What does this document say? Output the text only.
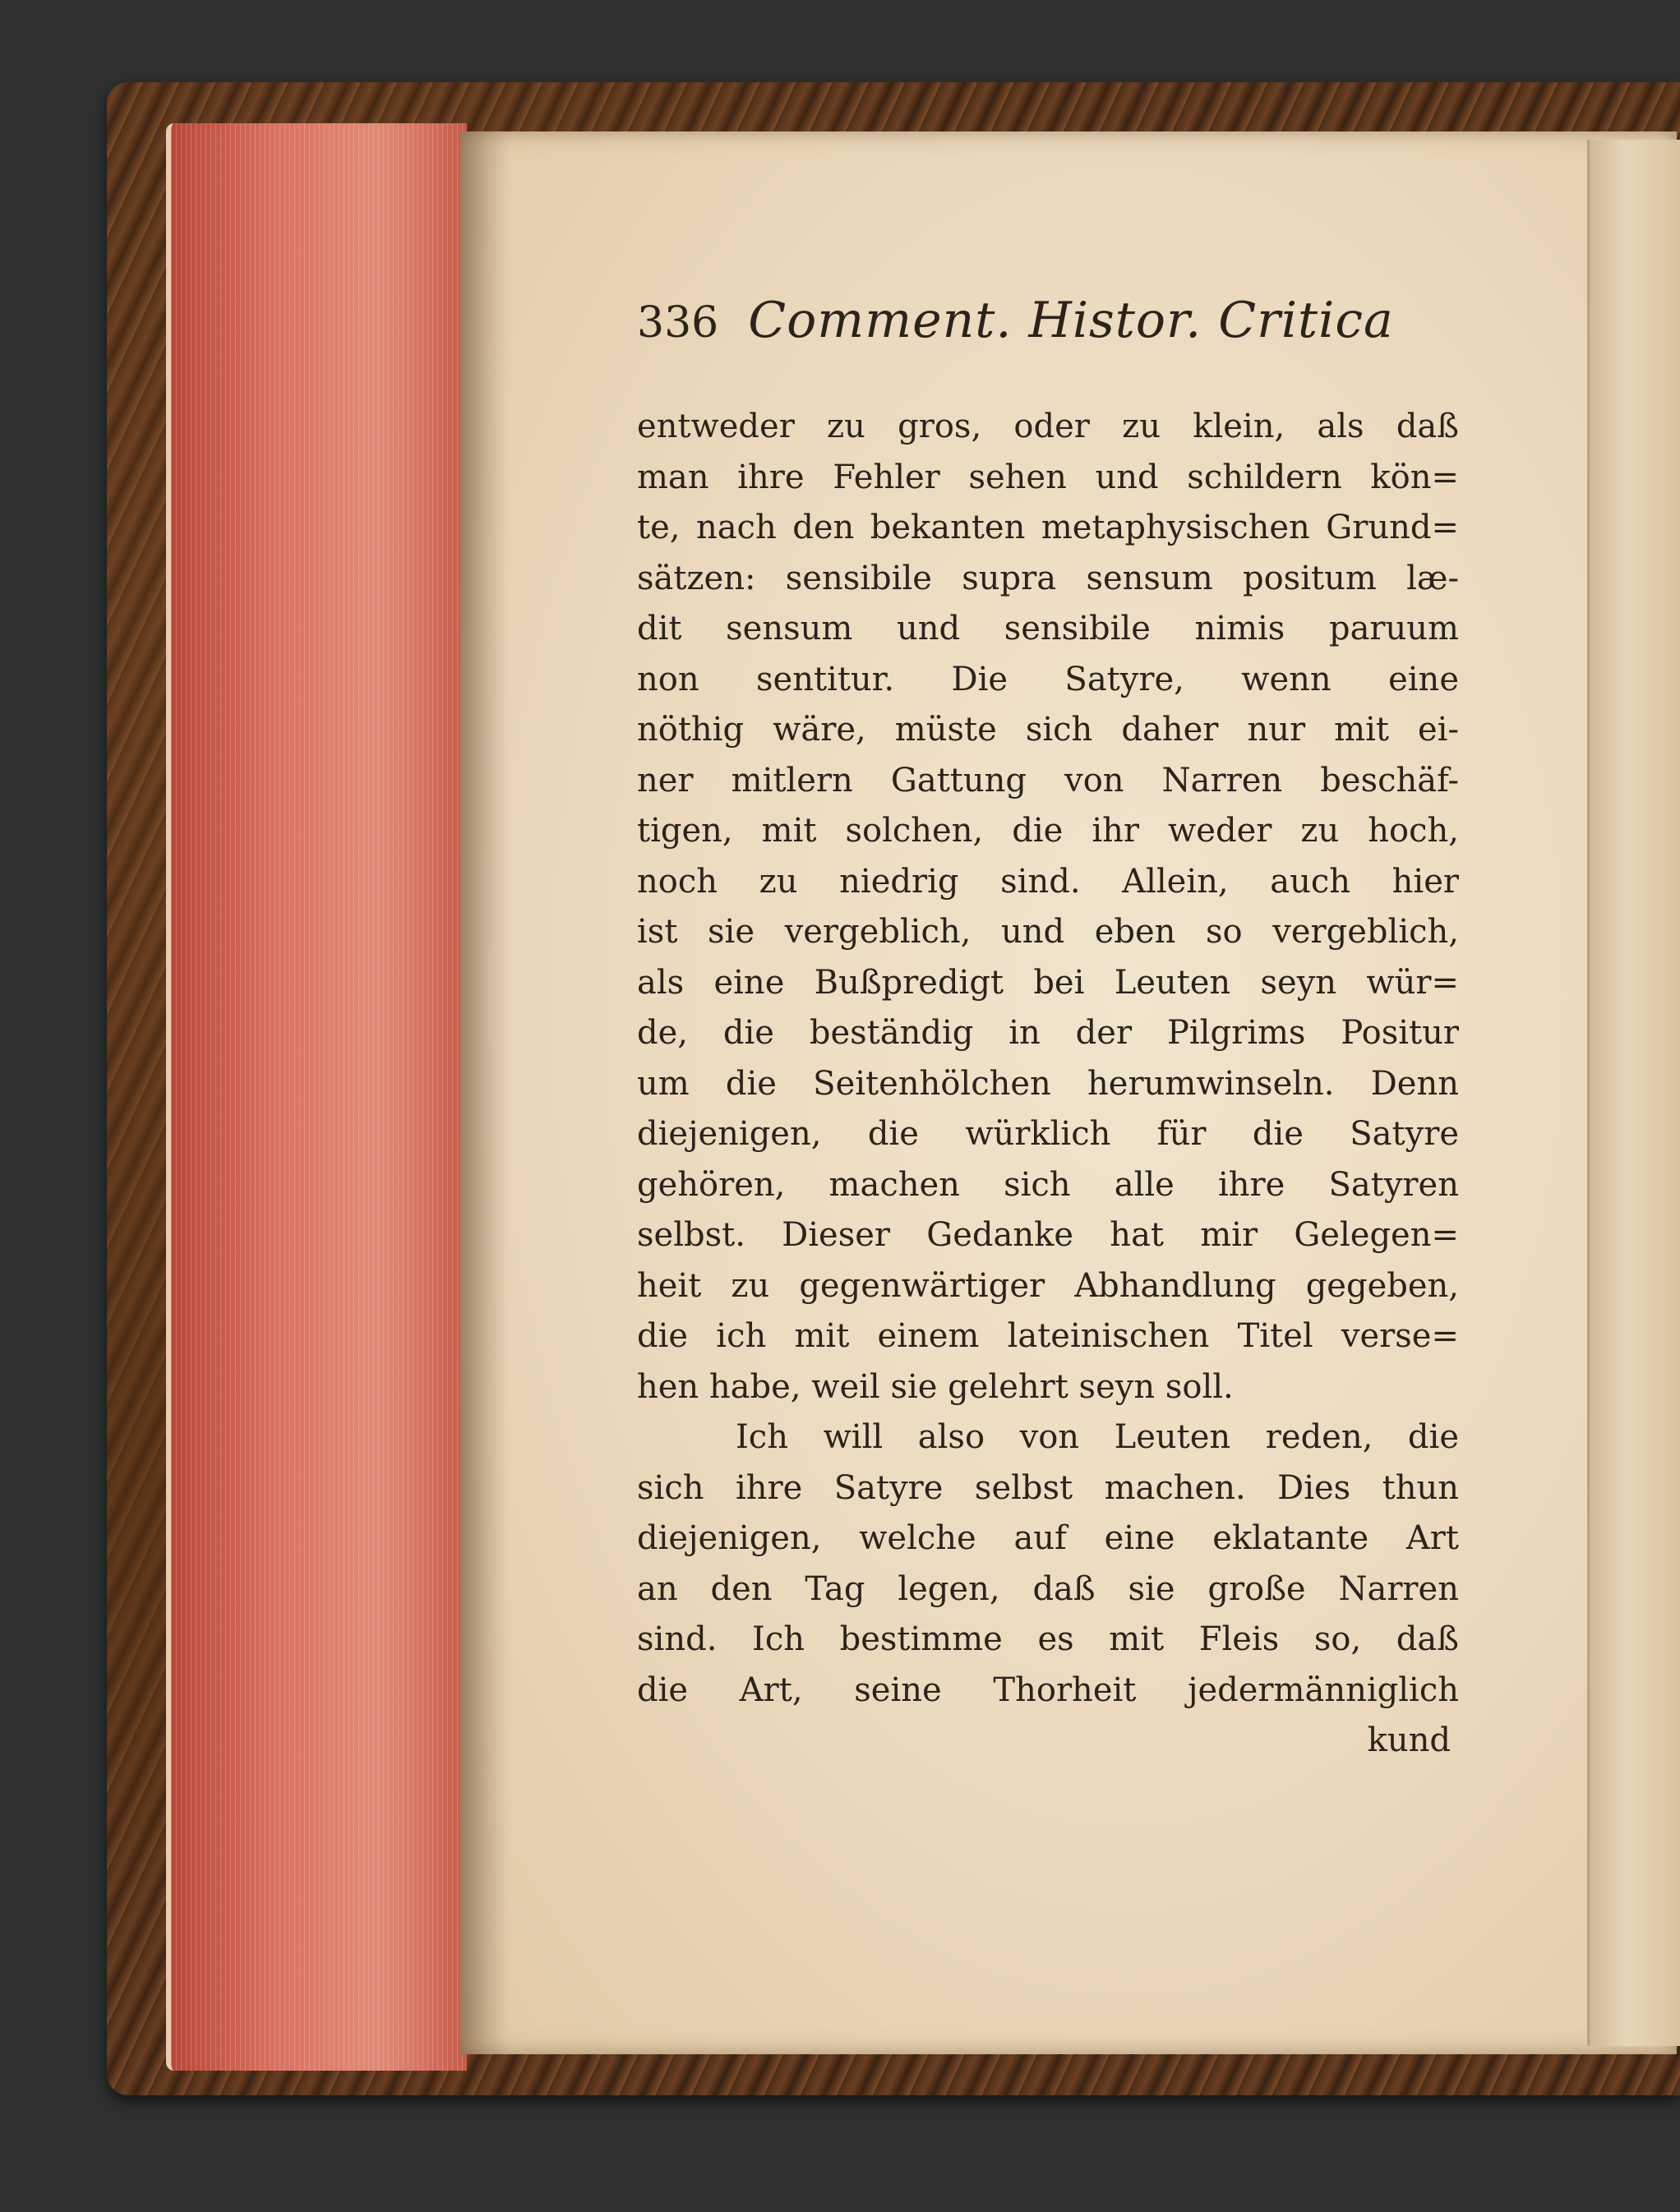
336 Comment. Histor. Critica
entweder zu gros, oder zu klein, als daß
man ihre Fehler sehen und schildern kön=
te, nach den bekanten metaphysischen Grund=
sätzen: sensibile supra sensum positum læ-
dit sensum und sensibile nimis paruum
non sentitur. Die Satyre, wenn eine
nöthig wäre, müste sich daher nur mit ei-
ner mitlern Gattung von Narren beschäf-
tigen, mit solchen, die ihr weder zu hoch,
noch zu niedrig sind. Allein, auch hier
ist sie vergeblich, und eben so vergeblich,
als eine Bußpredigt bei Leuten seyn wür=
de, die beständig in der Pilgrims Positur
um die Seitenhölchen herumwinseln. Denn
diejenigen, die würklich für die Satyre
gehören, machen sich alle ihre Satyren
selbst. Dieser Gedanke hat mir Gelegen=
heit zu gegenwärtiger Abhandlung gegeben,
die ich mit einem lateinischen Titel verse=
hen habe, weil sie gelehrt seyn soll.
Ich will also von Leuten reden, die
sich ihre Satyre selbst machen. Dies thun
diejenigen, welche auf eine eklatante Art
an den Tag legen, daß sie große Narren
sind. Ich bestimme es mit Fleis so, daß
die Art, seine Thorheit jedermänniglich
kund
